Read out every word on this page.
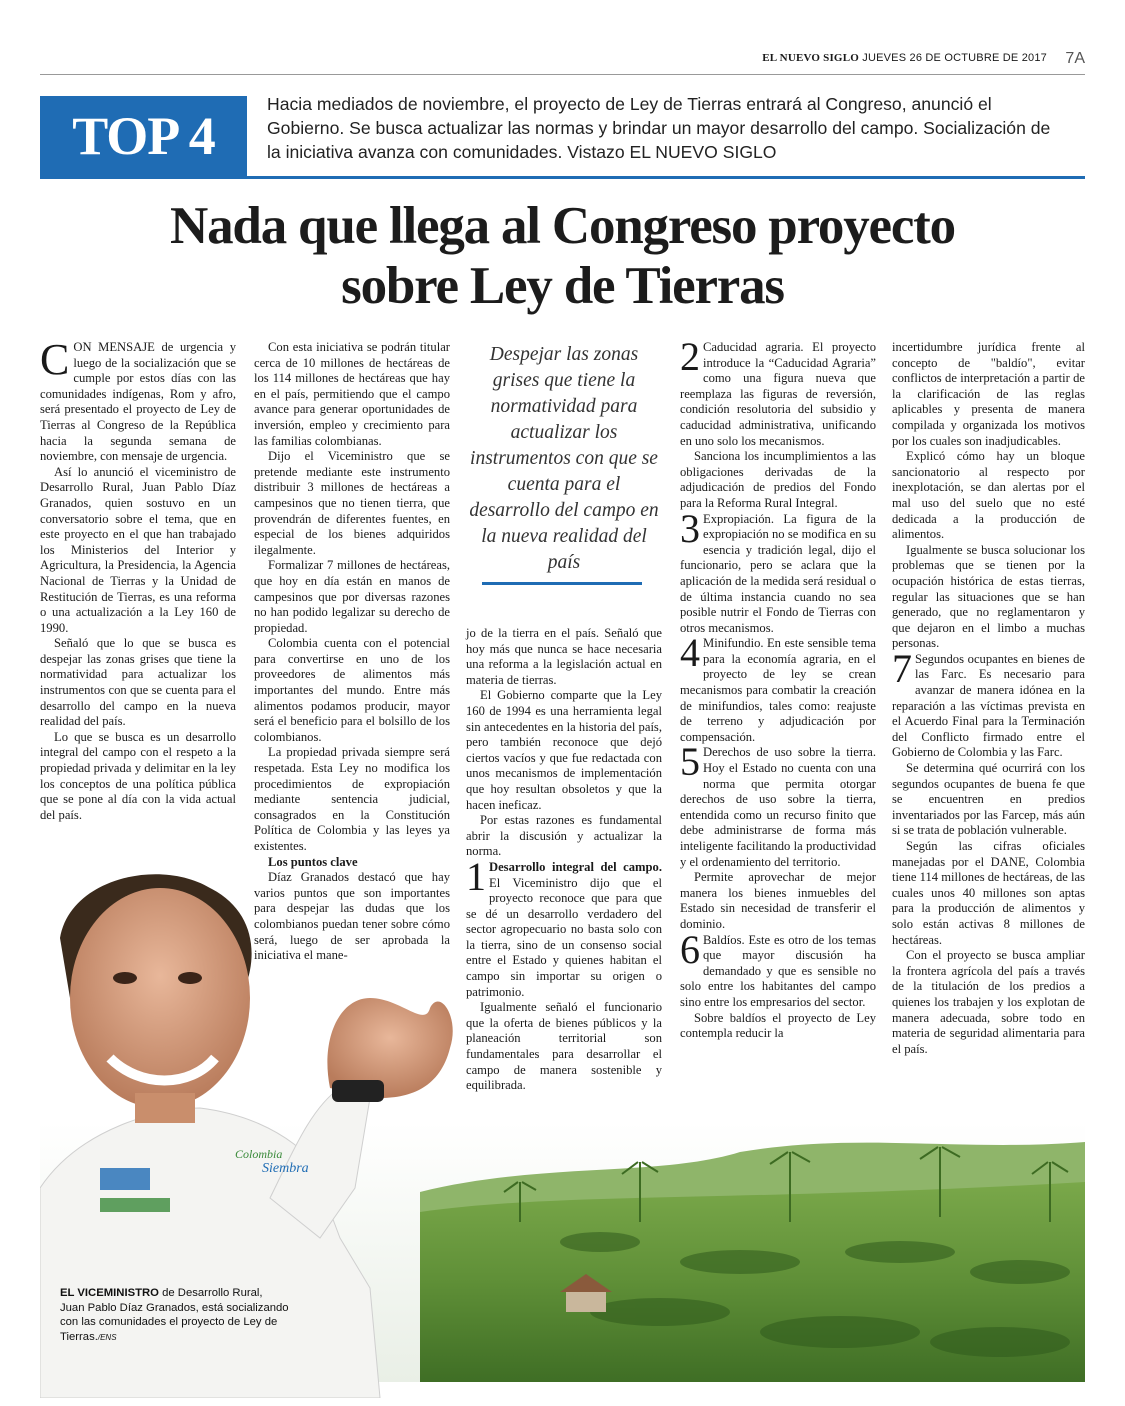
EL NUEVO SIGLO JUEVES 26 DE OCTUBRE DE 2017 7A
TOP 4
Hacia mediados de noviembre, el proyecto de Ley de Tierras entrará al Congreso, anunció el Gobierno. Se busca actualizar las normas y brindar un mayor desarrollo del campo. Socialización de la iniciativa avanza con comunidades. Vistazo EL NUEVO SIGLO
Nada que llega al Congreso proyecto
sobre Ley de Tierras

CON MENSAJE de urgencia y luego de la socialización que se cumple por estos días con las comunidades indígenas, Rom y afro, será presentado el proyecto de Ley de Tierras al Congreso de la República hacia la segunda semana de noviembre, con mensaje de urgencia.

Así lo anunció el viceministro de Desarrollo Rural, Juan Pablo Díaz Granados, quien sostuvo en un conversatorio sobre el tema, que en este proyecto en el que han trabajado los Ministerios del Interior y Agricultura, la Presidencia, la Agencia Nacional de Tierras y la Unidad de Restitución de Tierras, es una reforma o una actualización a la Ley 160 de 1990.

Señaló que lo que se busca es despejar las zonas grises que tiene la normatividad para actualizar los instrumentos con que se cuenta para el desarrollo del campo en la nueva realidad del país.

Lo que se busca es un desarrollo integral del campo con el respeto a la propiedad privada y delimitar en la ley los conceptos de una política pública que se pone al día con la vida actual del país.

Con esta iniciativa se podrán titular cerca de 10 millones de hectáreas de los 114 millones de hectáreas que hay en el país, permitiendo que el campo avance para generar oportunidades de inversión, empleo y crecimiento para las familias colombianas.

Dijo el Viceministro que se pretende mediante este instrumento distribuir 3 millones de hectáreas a campesinos que no tienen tierra, que provendrán de diferentes fuentes, en especial de los bienes adquiridos ilegalmente.

Formalizar 7 millones de hectáreas, que hoy en día están en manos de campesinos que por diversas razones no han podido legalizar su derecho de propiedad.

Colombia cuenta con el potencial para convertirse en uno de los proveedores de alimentos más importantes del mundo. Entre más alimentos podamos producir, mayor será el beneficio para el bolsillo de los colombianos.

La propiedad privada siempre será respetada. Esta Ley no modifica los procedimientos de expropiación mediante sentencia judicial, consagrados en la Constitución Política de Colombia y las leyes ya existentes.

Los puntos clave

Díaz Granados destacó que hay varios puntos que son importantes para despejar las dudas que los colombianos puedan tener sobre cómo será, luego de ser aprobada la iniciativa el mane-

Despejar las zonas grises que tiene la normatividad para actualizar los instrumentos con que se cuenta para el desarrollo del campo en la nueva realidad del país

jo de la tierra en el país. Señaló que hoy más que nunca se hace necesaria una reforma a la legislación actual en materia de tierras.

El Gobierno comparte que la Ley 160 de 1994 es una herramienta legal sin antecedentes en la historia del país, pero también reconoce que dejó ciertos vacíos y que fue redactada con unos mecanismos de implementación que hoy resultan obsoletos y que la hacen ineficaz.

Por estas razones es fundamental abrir la discusión y actualizar la norma.

1 Desarrollo integral del campo. El Viceministro dijo que el proyecto reconoce que para que se dé un desarrollo verdadero del sector agropecuario no basta solo con la tierra, sino de un consenso social entre el Estado y quienes habitan el campo sin importar su origen o patrimonio.

Igualmente señaló el funcionario que la oferta de bienes públicos y la planeación territorial son fundamentales para desarrollar el campo de manera sostenible y equilibrada.

2 Caducidad agraria. El proyecto introduce la “Caducidad Agraria” como una figura nueva que reemplaza las figuras de reversión, condición resolutoria del subsidio y caducidad administrativa, unificando en uno solo los mecanismos.

Sanciona los incumplimientos a las obligaciones derivadas de la adjudicación de predios del Fondo para la Reforma Rural Integral.

3 Expropiación. La figura de la expropiación no se modifica en su esencia y tradición legal, dijo el funcionario, pero se aclara que la aplicación de la medida será residual o de última instancia cuando no sea posible nutrir el Fondo de Tierras con otros mecanismos.

4 Minifundio. En este sensible tema para la economía agraria, en el proyecto de ley se crean mecanismos para combatir la creación de minifundios, tales como: reajuste de terreno y adjudicación por compensación.

5 Derechos de uso sobre la tierra. Hoy el Estado no cuenta con una norma que permita otorgar derechos de uso sobre la tierra, entendida como un recurso finito que debe administrarse de forma más inteligente facilitando la productividad y el ordenamiento del territorio.

Permite aprovechar de mejor manera los bienes inmuebles del Estado sin necesidad de transferir el dominio.

6 Baldíos. Este es otro de los temas que mayor discusión ha demandado y que es sensible no solo entre los habitantes del campo sino entre los empresarios del sector.

Sobre baldíos el proyecto de Ley contempla reducir la

incertidumbre jurídica frente al concepto de "baldío", evitar conflictos de interpretación a partir de la clarificación de las reglas aplicables y presenta de manera compilada y organizada los motivos por los cuales son inadjudicables.

Explicó cómo hay un bloque sancionatorio al respecto por inexplotación, se dan alertas por el mal uso del suelo que no esté dedicada a la producción de alimentos.

Igualmente se busca solucionar los problemas que se tienen por la ocupación histórica de estas tierras, regular las situaciones que se han generado, que no reglamentaron y que dejaron en el limbo a muchas personas.

7 Segundos ocupantes en bienes de las Farc. Es necesario para avanzar de manera idónea en la reparación a las víctimas prevista en el Acuerdo Final para la Terminación del Conflicto firmado entre el Gobierno de Colombia y las Farc.

Se determina qué ocurrirá con los segundos ocupantes de buena fe que se encuentren en predios inventariados por las Farcep, más aún si se trata de población vulnerable.

Según las cifras oficiales manejadas por el DANE, Colombia tiene 114 millones de hectáreas, de las cuales unos 40 millones son aptas para la producción de alimentos y solo están activas 8 millones de hectáreas.

Con el proyecto se busca ampliar la frontera agrícola del país a través de la titulación de los predios a quienes los trabajen y los explotan de manera adecuada, sobre todo en materia de seguridad alimentaria para el país.

Colombia
Siembra
EL VICEMINISTRO de Desarrollo Rural, Juan Pablo Díaz Granados, está socializando con las comunidades el proyecto de Ley de Tierras./ENS
